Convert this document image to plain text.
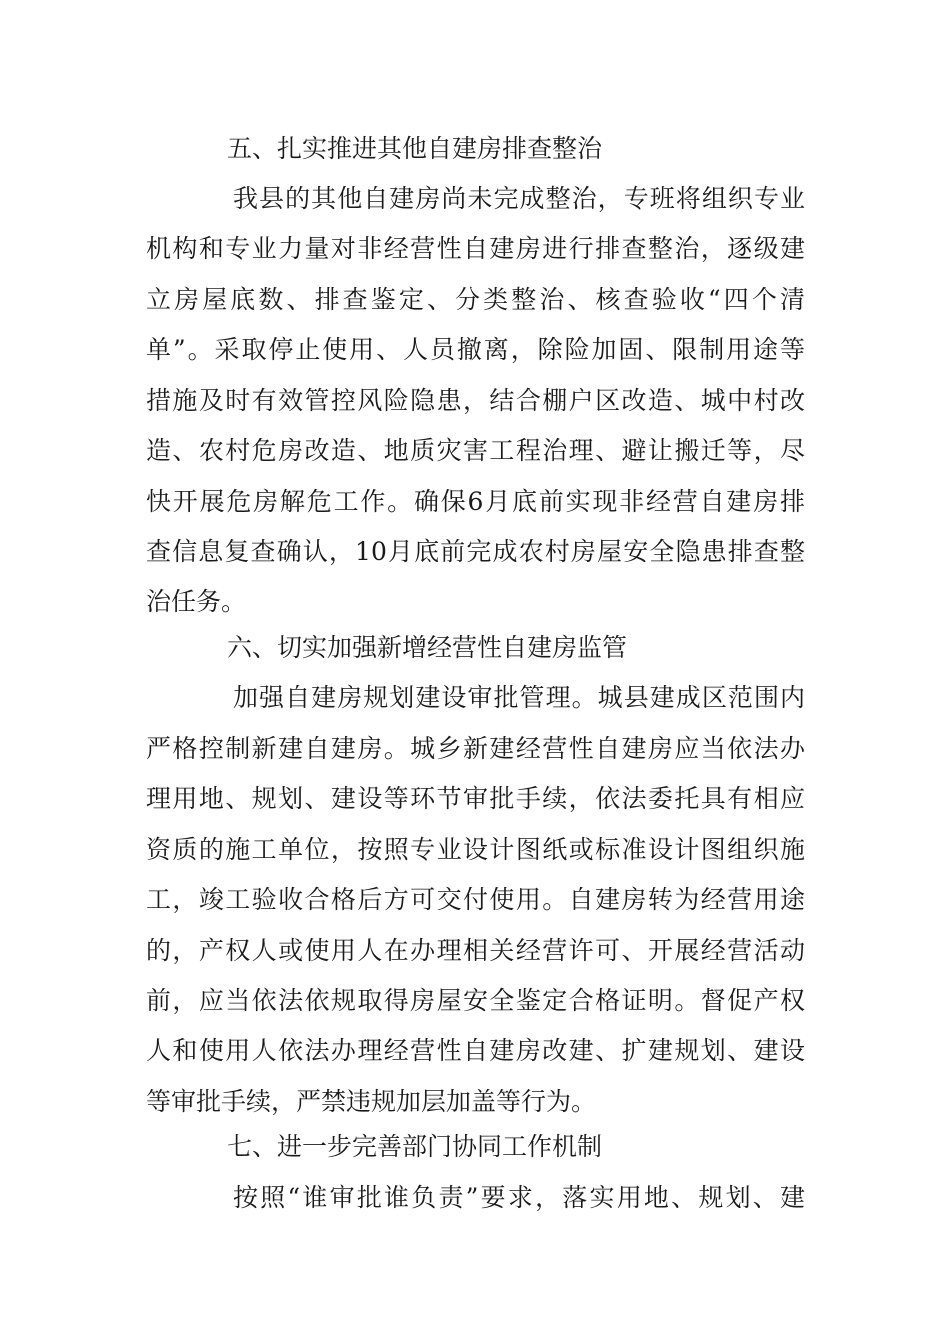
五、扎实推进其他自建房排查整治
我县的其他自建房尚未完成整治，专班将组织专业
机构和专业力量对非经营性自建房进行排查整治，逐级建
立房屋底数、排查鉴定、分类整治、核查验收“四个清
单”。采取停止使用、人员撤离，除险加固、限制用途等
措施及时有效管控风险隐患，结合棚户区改造、城中村改
造、农村危房改造、地质灾害工程治理、避让搬迁等，尽
快开展危房解危工作。确保6月底前实现非经营自建房排
查信息复查确认，10月底前完成农村房屋安全隐患排查整
治任务。
六、切实加强新增经营性自建房监管
加强自建房规划建设审批管理。城县建成区范围内
严格控制新建自建房。城乡新建经营性自建房应当依法办
理用地、规划、建设等环节审批手续，依法委托具有相应
资质的施工单位，按照专业设计图纸或标准设计图组织施
工，竣工验收合格后方可交付使用。自建房转为经营用途
的，产权人或使用人在办理相关经营许可、开展经营活动
前，应当依法依规取得房屋安全鉴定合格证明。督促产权
人和使用人依法办理经营性自建房改建、扩建规划、建设
等审批手续，严禁违规加层加盖等行为。
七、进一步完善部门协同工作机制
按照“谁审批谁负责”要求，落实用地、规划、建
